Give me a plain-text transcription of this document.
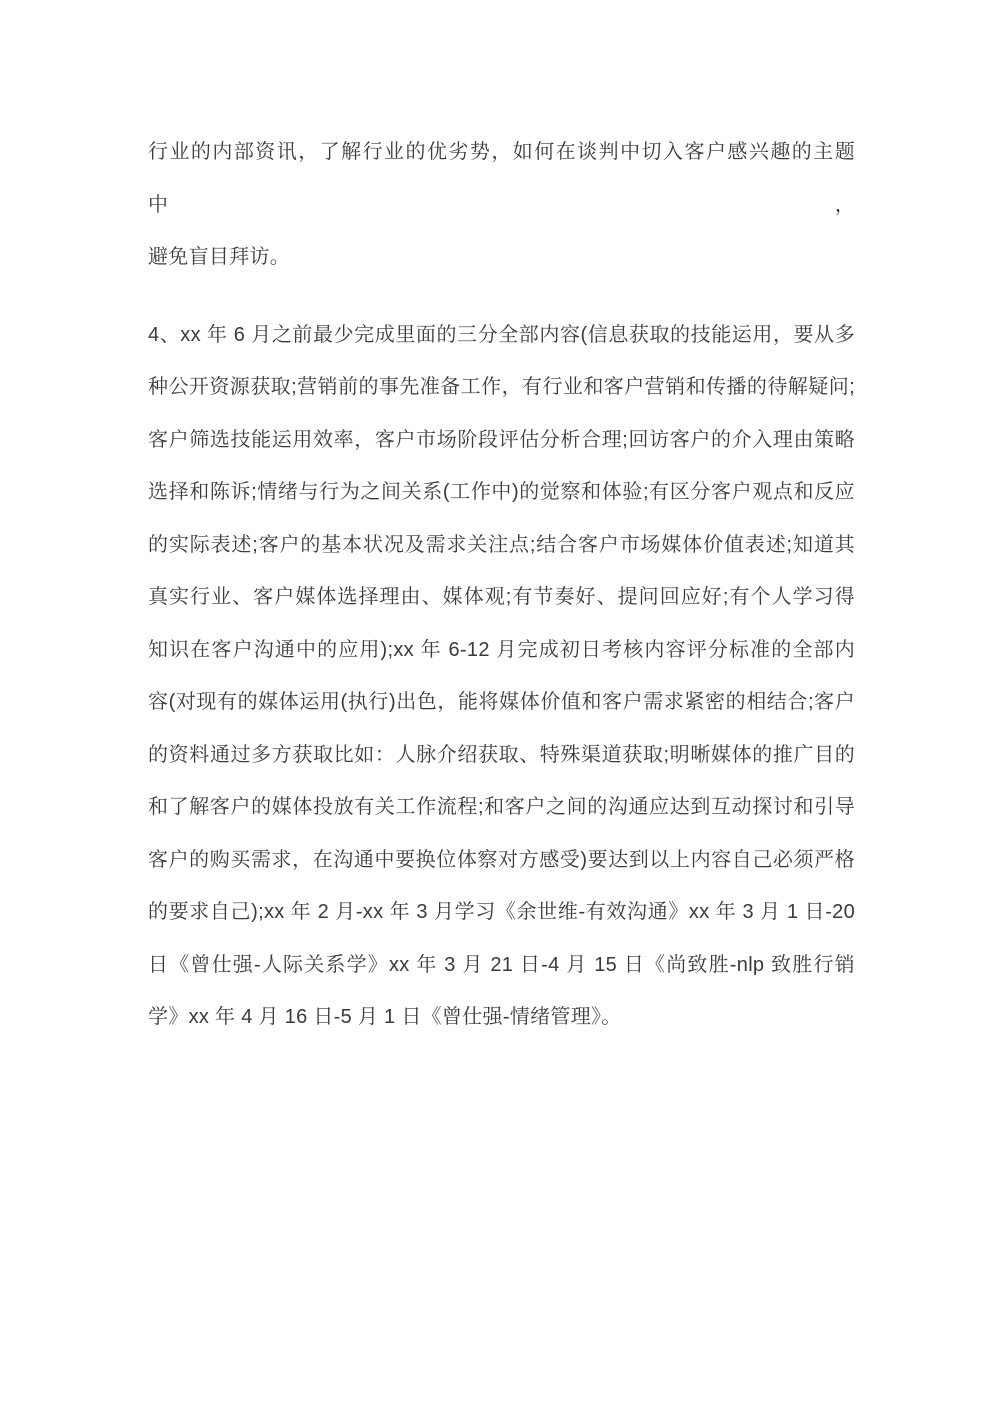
行业的内部资讯，了解行业的优劣势，如何在谈判中切入客户感兴趣的主题中，
避免盲目拜访。
4、xx 年 6 月之前最少完成里面的三分全部内容(信息获取的技能运用，要从多
种公开资源获取;营销前的事先准备工作，有行业和客户营销和传播的待解疑问;
客户筛选技能运用效率，客户市场阶段评估分析合理;回访客户的介入理由策略
选择和陈诉;情绪与行为之间关系(工作中)的觉察和体验;有区分客户观点和反应
的实际表述;客户的基本状况及需求关注点;结合客户市场媒体价值表述;知道其
真实行业、客户媒体选择理由、媒体观;有节奏好、提问回应好;有个人学习得
知识在客户沟通中的应用);xx 年 6-12 月完成初日考核内容评分标准的全部内
容(对现有的媒体运用(执行)出色，能将媒体价值和客户需求紧密的相结合;客户
的资料通过多方获取比如：人脉介绍获取、特殊渠道获取;明晰媒体的推广目的
和了解客户的媒体投放有关工作流程;和客户之间的沟通应达到互动探讨和引导
客户的购买需求，在沟通中要换位体察对方感受)要达到以上内容自己必须严格
的要求自己);xx 年 2 月-xx 年 3 月学习《余世维-有效沟通》xx 年 3 月 1 日-20
日《曾仕强-人际关系学》xx 年 3 月 21 日-4 月 15 日《尚致胜-nlp 致胜行销
学》xx 年 4 月 16 日-5 月 1 日《曾仕强-情绪管理》。
